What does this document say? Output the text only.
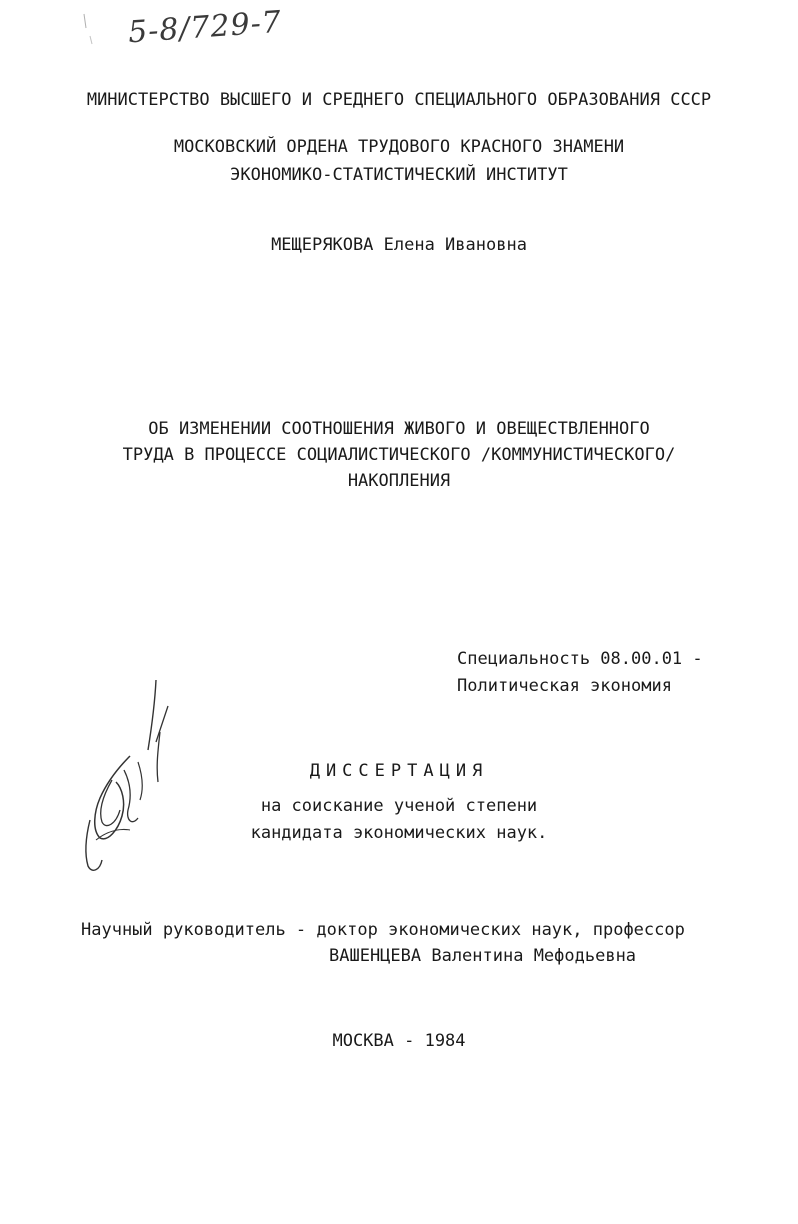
5-8/729-7
МИНИСТЕРСТВО ВЫСШЕГО И СРЕДНЕГО СПЕЦИАЛЬНОГО ОБРАЗОВАНИЯ СССР
МОСКОВСКИЙ ОРДЕНА ТРУДОВОГО КРАСНОГО ЗНАМЕНИ
ЭКОНОМИКО-СТАТИСТИЧЕСКИЙ ИНСТИТУТ
МЕЩЕРЯКОВА Елена Ивановна
ОБ ИЗМЕНЕНИИ СООТНОШЕНИЯ ЖИВОГО И ОВЕЩЕСТВЛЕННОГО
ТРУДА В ПРОЦЕССЕ СОЦИАЛИСТИЧЕСКОГО /КОММУНИСТИЧЕСКОГО/
НАКОПЛЕНИЯ
Специальность 08.00.01 -
Политическая экономия
ДИССЕРТАЦИЯ
на соискание ученой степени
кандидата экономических наук.
Научный руководитель - доктор экономических наук, профессор
ВАШЕНЦЕВА Валентина Мефодьевна
МОСКВА - 1984
